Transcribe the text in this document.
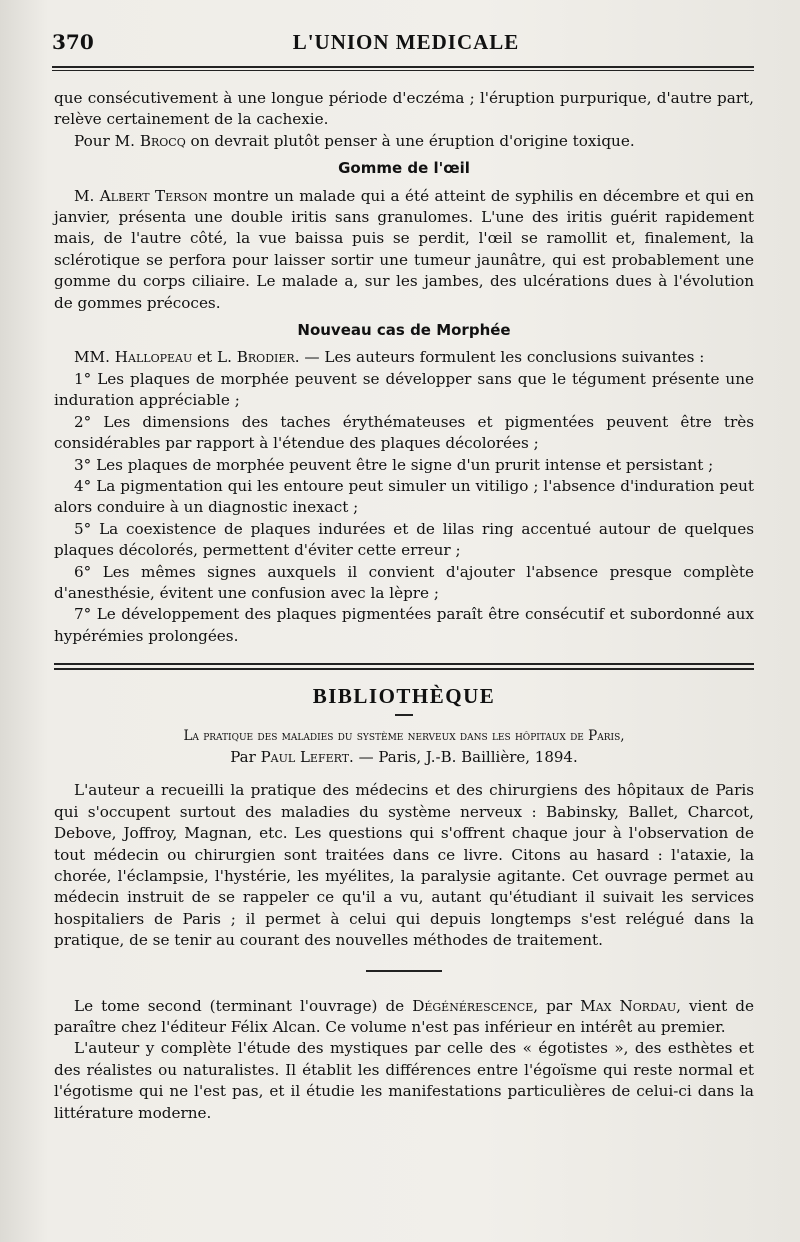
370	L'UNION MEDICALE

que consécutivement à une longue période d'eczéma ; l'éruption purpurique, d'autre part, relève certainement de la cachexie.

Pour M. Brocq on devrait plutôt penser à une éruption d'origine toxique.

Gomme de l'œil

M. Albert Terson montre un malade qui a été atteint de syphilis en décembre et qui en janvier, présenta une double iritis sans granulomes. L'une des iritis guérit rapidement mais, de l'autre côté, la vue baissa puis se perdit, l'œil se ramollit et, finalement, la sclérotique se perfora pour laisser sortir une tumeur jaunâtre, qui est probablement une gomme du corps ciliaire. Le malade a, sur les jambes, des ulcérations dues à l'évolution de gommes précoces.

Nouveau cas de Morphée

MM. Hallopeau et L. Brodier. — Les auteurs formulent les conclusions suivantes :

1° Les plaques de morphée peuvent se développer sans que le tégument présente une induration appréciable ;

2° Les dimensions des taches érythémateuses et pigmentées peuvent être très considérables par rapport à l'étendue des plaques décolorées ;

3° Les plaques de morphée peuvent être le signe d'un prurit intense et persistant ;

4° La pigmentation qui les entoure peut simuler un vitiligo ; l'absence d'induration peut alors conduire à un diagnostic inexact ;

5° La coexistence de plaques indurées et de lilas ring accentué autour de quelques plaques décolorés, permettent d'éviter cette erreur ;

6° Les mêmes signes auxquels il convient d'ajouter l'absence presque complète d'anesthésie, évitent une confusion avec la lèpre ;

7° Le développement des plaques pigmentées paraît être consécutif et subordonné aux hypérémies prolongées.

BIBLIOTHÈQUE
La pratique des maladies du système nerveux dans les hôpitaux de Paris,
Par Paul Lefert. — Paris, J.-B. Baillière, 1894.

L'auteur a recueilli la pratique des médecins et des chirurgiens des hôpitaux de Paris qui s'occupent surtout des maladies du système nerveux : Babinsky, Ballet, Charcot, Debove, Joffroy, Magnan, etc. Les questions qui s'offrent chaque jour à l'observation de tout médecin ou chirurgien sont traitées dans ce livre. Citons au hasard : l'ataxie, la chorée, l'éclampsie, l'hystérie, les myélites, la paralysie agitante. Cet ouvrage permet au médecin instruit de se rappeler ce qu'il a vu, autant qu'étudiant il suivait les services hospitaliers de Paris ; il permet à celui qui depuis longtemps s'est relégué dans la pratique, de se tenir au courant des nouvelles méthodes de traitement.

Le tome second (terminant l'ouvrage) de Dégénérescence, par Max Nordau, vient de paraître chez l'éditeur Félix Alcan. Ce volume n'est pas inférieur en intérêt au premier.

L'auteur y complète l'étude des mystiques par celle des « égotistes », des esthètes et des réalistes ou naturalistes. Il établit les différences entre l'égoïsme qui reste normal et l'égotisme qui ne l'est pas, et il étudie les manifestations particulières de celui-ci dans la littérature moderne.
